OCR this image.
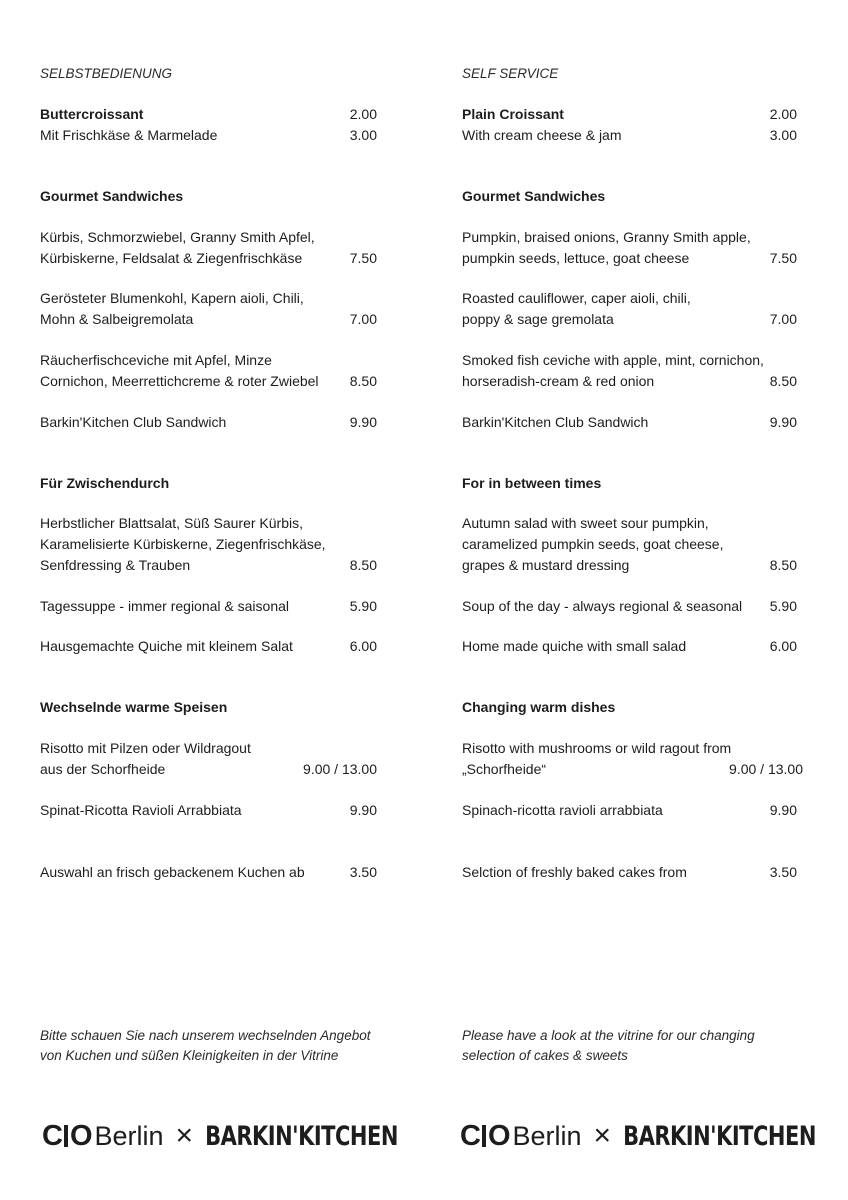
SELBSTBEDIENUNG
Buttercroissant	2.00
Mit Frischkäse & Marmelade	3.00
Gourmet Sandwiches
Kürbis, Schmorzwiebel, Granny Smith Apfel,
Kürbiskerne, Feldsalat & Ziegenfrischkäse	7.50
Gerösteter Blumenkohl, Kapern aioli, Chili,
Mohn & Salbeigremolata	7.00
Räucherfischceviche mit Apfel, Minze
Cornichon, Meerrettichcreme & roter Zwiebel 8.50
Barkin'Kitchen Club Sandwich	9.90
Für Zwischendurch
Herbstlicher Blattsalat, Süß Saurer Kürbis,
Karamelisierte Kürbiskerne, Ziegenfrischkäse,
Senfdressing & Trauben	8.50
Tagessuppe - immer regional & saisonal	5.90
Hausgemachte Quiche mit kleinem Salat	6.00
Wechselnde warme Speisen
Risotto mit Pilzen oder Wildragout
aus der Schorfheide	9.00 / 13.00
Spinat-Ricotta Ravioli Arrabbiata	9.90
Auswahl an frisch gebackenem Kuchen ab	3.50
Bitte schauen Sie nach unserem wechselnden Angebot
von Kuchen und süßen Kleinigkeiten in der Vitrine
C O Berlin × BARKIN'KITCHEN
SELF SERVICE
Plain Croissant	2.00
With cream cheese & jam	3.00
Gourmet Sandwiches
Pumpkin, braised onions, Granny Smith apple,
pumpkin seeds, lettuce, goat cheese	7.50
Roasted cauliflower, caper aioli, chili,
poppy & sage gremolata	7.00
Smoked fish ceviche with apple, mint, cornichon,
horseradish-cream & red onion	8.50
Barkin'Kitchen Club Sandwich	9.90
For in between times
Autumn salad with sweet sour pumpkin,
caramelized pumpkin seeds, goat cheese,
grapes & mustard dressing	8.50
Soup of the day - always regional & seasonal 5.90
Home made quiche with small salad	6.00
Changing warm dishes
Risotto with mushrooms or wild ragout from
„Schorfheide“	9.00 / 13.00
Spinach-ricotta ravioli arrabbiata	9.90
Selction of freshly baked cakes from	3.50
Please have a look at the vitrine for our changing
selection of cakes & sweets
C O Berlin × BARKIN'KITCHEN
